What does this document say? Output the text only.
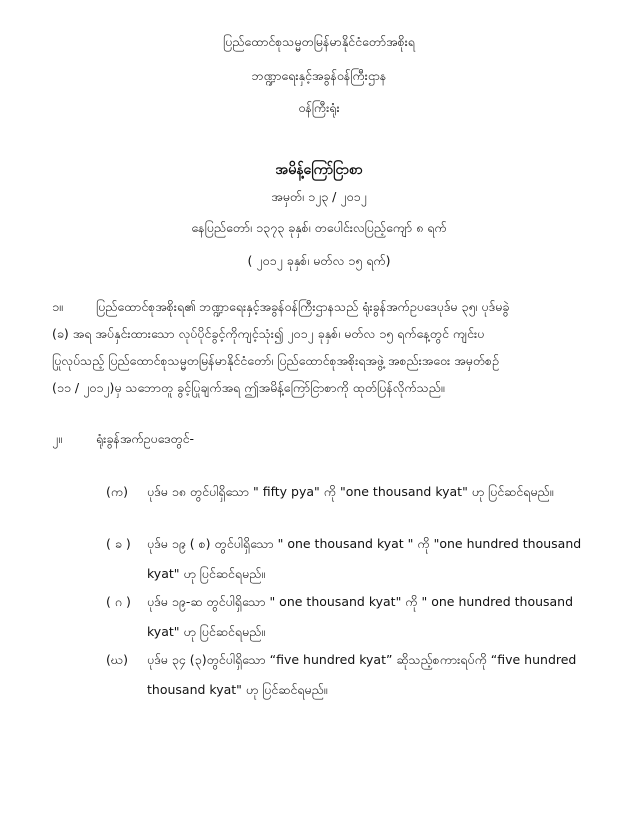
ပြည်ထောင်စုသမ္မတမြန်မာနိုင်ငံတော်အစိုးရ
ဘဏ္ဍာရေးနှင့်အခွန်ဝန်ကြီးဌာန
ဝန်ကြီးရုံး
အမိန့်ကြော်ငြာစာ
အမှတ်၊ ၁၂၃ / ၂၀၁၂
နေပြည်တော်၊ ၁၃၇၃ ခုနှစ်၊ တပေါင်းလပြည့်ကျော် ၈ ရက်
( ၂၀၁၂ ခုနှစ်၊ မတ်လ ၁၅ ရက်)
၁။	ပြည်ထောင်စုအစိုးရ၏ ဘဏ္ဍာရေးနှင့်အခွန်ဝန်ကြီးဌာနသည် ရုံးခွန်အက်ဥပဒေပုဒ်မ ၃၅၊ ပုဒ်မခွဲ
(ခ) အရ အပ်နှင်းထားသော လုပ်ပိုင်ခွင့်ကိုကျင့်သုံး၍ ၂၀၁၂ ခုနှစ်၊ မတ်လ ၁၅ ရက်နေ့တွင် ကျင်းပ
ပြုလုပ်သည့် ပြည်ထောင်စုသမ္မတမြန်မာနိုင်ငံတော်၊ ပြည်ထောင်စုအစိုးရအဖွဲ့ အစည်းအဝေး အမှတ်စဉ်
(၁၁ / ၂၀၁၂)မှ သဘောတူ ခွင့်ပြုချက်အရ ဤအမိန့်ကြော်ငြာစာကို ထုတ်ပြန်လိုက်သည်။
၂။	ရုံးခွန်အက်ဥပဒေတွင်-
(က) ပုဒ်မ ၁၈ တွင်ပါရှိသော " fifty pya" ကို "one thousand kyat" ဟု ပြင်ဆင်ရမည်။
( ခ ) ပုဒ်မ ၁၉ ( စ) တွင်ပါရှိသော " one thousand kyat " ကို "one hundred thousand
kyat" ဟု ပြင်ဆင်ရမည်။
( ဂ ) ပုဒ်မ ၁၉-ဆ တွင်ပါရှိသော " one thousand kyat" ကို " one hundred thousand
kyat" ဟု ပြင်ဆင်ရမည်။
(ဃ) ပုဒ်မ ၃၄ (၃)တွင်ပါရှိသော “five hundred kyat” ဆိုသည့်စကားရပ်ကို “five hundred
thousand kyat" ဟု ပြင်ဆင်ရမည်။
